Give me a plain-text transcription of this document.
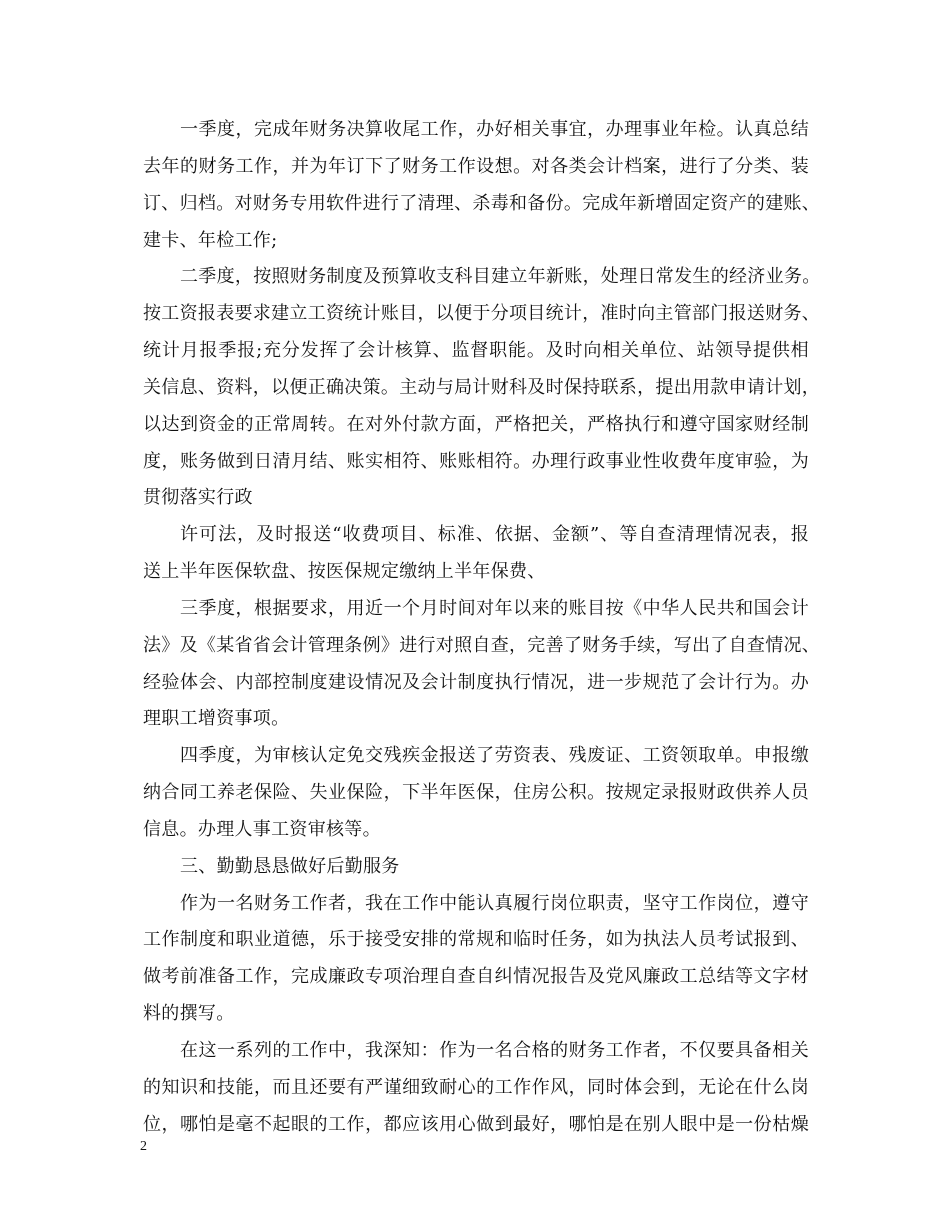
一季度，完成年财务决算收尾工作，办好相关事宜，办理事业年检。认真总结
去年的财务工作，并为年订下了财务工作设想。对各类会计档案，进行了分类、装
订、归档。对财务专用软件进行了清理、杀毒和备份。完成年新增固定资产的建账、
建卡、年检工作;
二季度，按照财务制度及预算收支科目建立年新账，处理日常发生的经济业务。
按工资报表要求建立工资统计账目，以便于分项目统计，准时向主管部门报送财务、
统计月报季报;充分发挥了会计核算、监督职能。及时向相关单位、站领导提供相
关信息、资料，以便正确决策。主动与局计财科及时保持联系，提出用款申请计划，
以达到资金的正常周转。在对外付款方面，严格把关，严格执行和遵守国家财经制
度，账务做到日清月结、账实相符、账账相符。办理行政事业性收费年度审验，为
贯彻落实行政
许可法，及时报送“收费项目、标准、依据、金额”、等自查清理情况表，报
送上半年医保软盘、按医保规定缴纳上半年保费、
三季度，根据要求，用近一个月时间对年以来的账目按《中华人民共和国会计
法》及《某省省会计管理条例》进行对照自查，完善了财务手续，写出了自查情况、
经验体会、内部控制度建设情况及会计制度执行情况，进一步规范了会计行为。办
理职工增资事项。
四季度，为审核认定免交残疾金报送了劳资表、残废证、工资领取单。申报缴
纳合同工养老保险、失业保险，下半年医保，住房公积。按规定录报财政供养人员
信息。办理人事工资审核等。
三、勤勤恳恳做好后勤服务
作为一名财务工作者，我在工作中能认真履行岗位职责，坚守工作岗位，遵守
工作制度和职业道德，乐于接受安排的常规和临时任务，如为执法人员考试报到、
做考前准备工作，完成廉政专项治理自查自纠情况报告及党风廉政工总结等文字材
料的撰写。
在这一系列的工作中，我深知：作为一名合格的财务工作者，不仅要具备相关
的知识和技能，而且还要有严谨细致耐心的工作作风，同时体会到，无论在什么岗
位，哪怕是毫不起眼的工作，都应该用心做到最好，哪怕是在别人眼中是一份枯燥
2
